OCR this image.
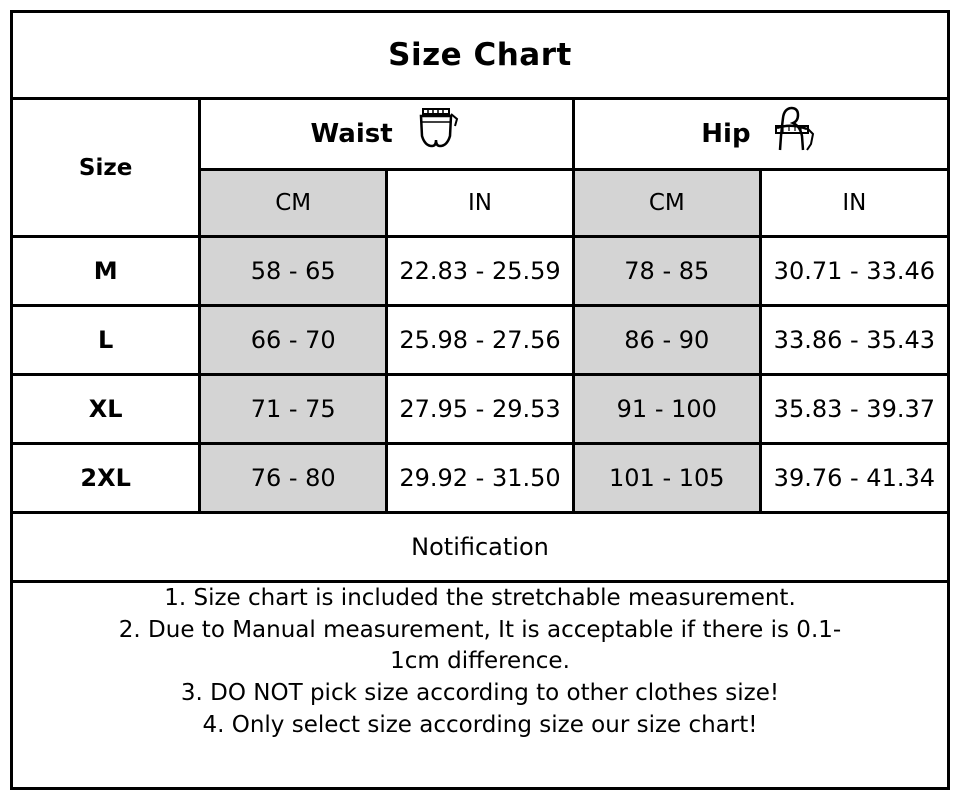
Size Chart				
Size	Waist		Hip	

	CM	IN	CM	IN
M	58 - 65	22.83 - 25.59	78 - 85	30.71 - 33.46
L	66 - 70	25.98 - 27.56	86 - 90	33.86 - 35.43
XL	71 - 75	27.95 - 29.53	91 - 100	35.83 - 39.37
2XL	76 - 80	29.92 - 31.50	101 - 105	39.76 - 41.34
Notification				

1. Size chart is included the stretchable measurement.
2. Due to Manual measurement, It is acceptable if there is 0.1-
1cm difference.
3. DO NOT pick size according to other clothes size!
4. Only select size according size our size chart!				
